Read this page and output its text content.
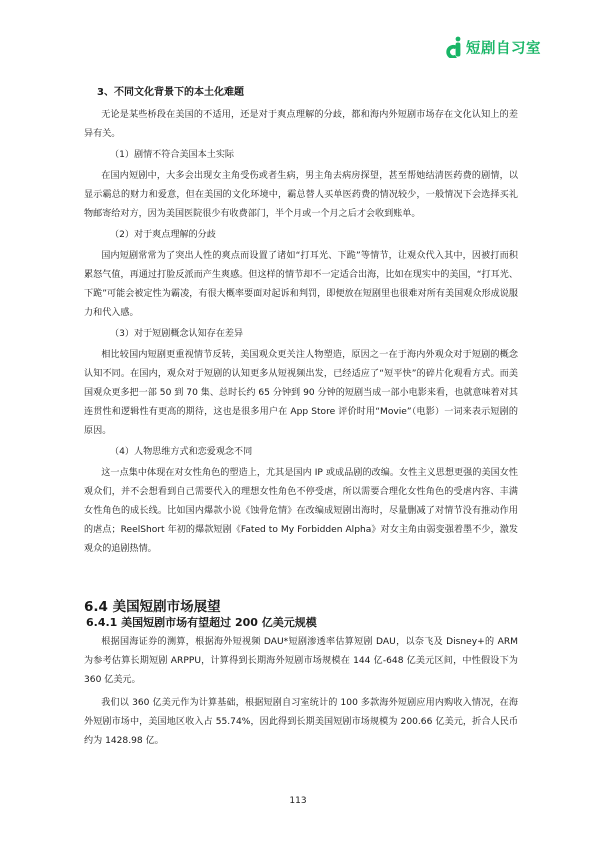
短剧自习室
3、不同文化背景下的本土化难题

无论是某些桥段在美国的不适用，还是对于爽点理解的分歧，都和海内外短剧市场存在文化认知上的差异有关。

（1）剧情不符合美国本土实际

在国内短剧中，大多会出现女主角受伤或者生病，男主角去病房探望，甚至帮她结清医药费的剧情，以显示霸总的财力和爱意，但在美国的文化环境中，霸总替人买单医药费的情况较少，一般情况下会选择买礼物邮寄给对方，因为美国医院很少有收费部门，半个月或一个月之后才会收到账单。

（2）对于爽点理解的分歧

国内短剧常常为了突出人性的爽点而设置了诸如“打耳光、下跪”等情节，让观众代入其中，因被打而积累怒气值，再通过打脸反派而产生爽感。但这样的情节却不一定适合出海，比如在现实中的美国，“打耳光、下跪”可能会被定性为霸凌，有很大概率要面对起诉和判罚，即便放在短剧里也很难对所有美国观众形成说服力和代入感。

（3）对于短剧概念认知存在差异

相比较国内短剧更重视情节反转，美国观众更关注人物塑造，原因之一在于海内外观众对于短剧的概念认知不同。在国内，观众对于短剧的认知更多从短视频出发，已经适应了“短平快”的碎片化观看方式。而美国观众更多把一部 50 到 70 集、总时长约 65 分钟到 90 分钟的短剧当成一部小电影来看，也就意味着对其连贯性和逻辑性有更高的期待，这也是很多用户在 App Store 评价时用“Movie”（电影）一词来表示短剧的原因。

（4）人物思维方式和恋爱观念不同

这一点集中体现在对女性角色的塑造上，尤其是国内 IP 或成品剧的改编。女性主义思想更强的美国女性观众们，并不会想看到自己需要代入的理想女性角色不停受虐，所以需要合理化女性角色的受虐内容、丰满女性角色的成长线。比如国内爆款小说《蚀骨危情》在改编成短剧出海时，尽量删减了对情节没有推动作用的虐点；ReelShort 年初的爆款短剧《Fated to My Forbidden Alpha》对女主角由弱变强着墨不少，激发观众的追剧热情。

6.4 美国短剧市场展望
6.4.1 美国短剧市场有望超过 200 亿美元规模

根据国海证券的测算，根据海外短视频 DAU*短剧渗透率估算短剧 DAU，以奈飞及 Disney+的 ARM 为参考估算长期短剧 ARPPU，计算得到长期海外短剧市场规模在 144 亿-648 亿美元区间，中性假设下为 360 亿美元。

我们以 360 亿美元作为计算基础，根据短剧自习室统计的 100 多款海外短剧应用内购收入情况，在海外短剧市场中，美国地区收入占 55.74%，因此得到长期美国短剧市场规模为 200.66 亿美元，折合人民币约为 1428.98 亿。

113
